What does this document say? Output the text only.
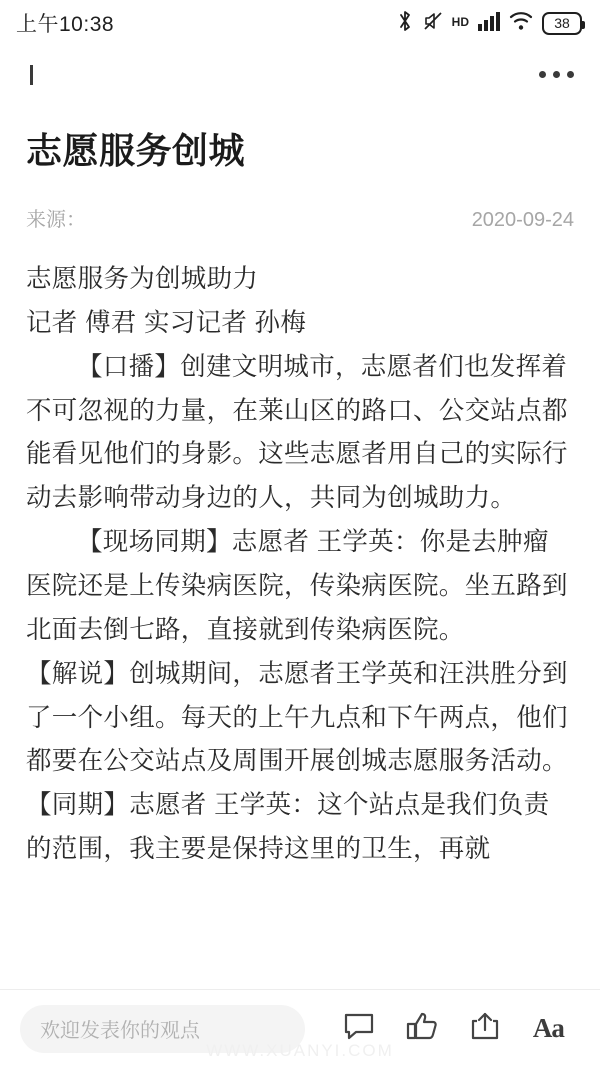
上午10:38	HD	38
志愿服务创城
来源：	2020-09-24

志愿服务为创城助力

记者 傅君 实习记者 孙梅

【口播】创建文明城市，志愿者们也发挥着不可忽视的力量，在莱山区的路口、公交站点都能看见他们的身影。这些志愿者用自己的实际行动去影响带动身边的人，共同为创城助力。

【现场同期】志愿者 王学英：你是去肿瘤医院还是上传染病医院，传染病医院。坐五路到北面去倒七路，直接就到传染病医院。

【解说】创城期间，志愿者王学英和汪洪胜分到了一个小组。每天的上午九点和下午两点，他们都要在公交站点及周围开展创城志愿服务活动。

【同期】志愿者 王学英：这个站点是我们负责的范围，我主要是保持这里的卫生，再就

欢迎发表你的观点	Aa
WWW.XUANYI.COM
